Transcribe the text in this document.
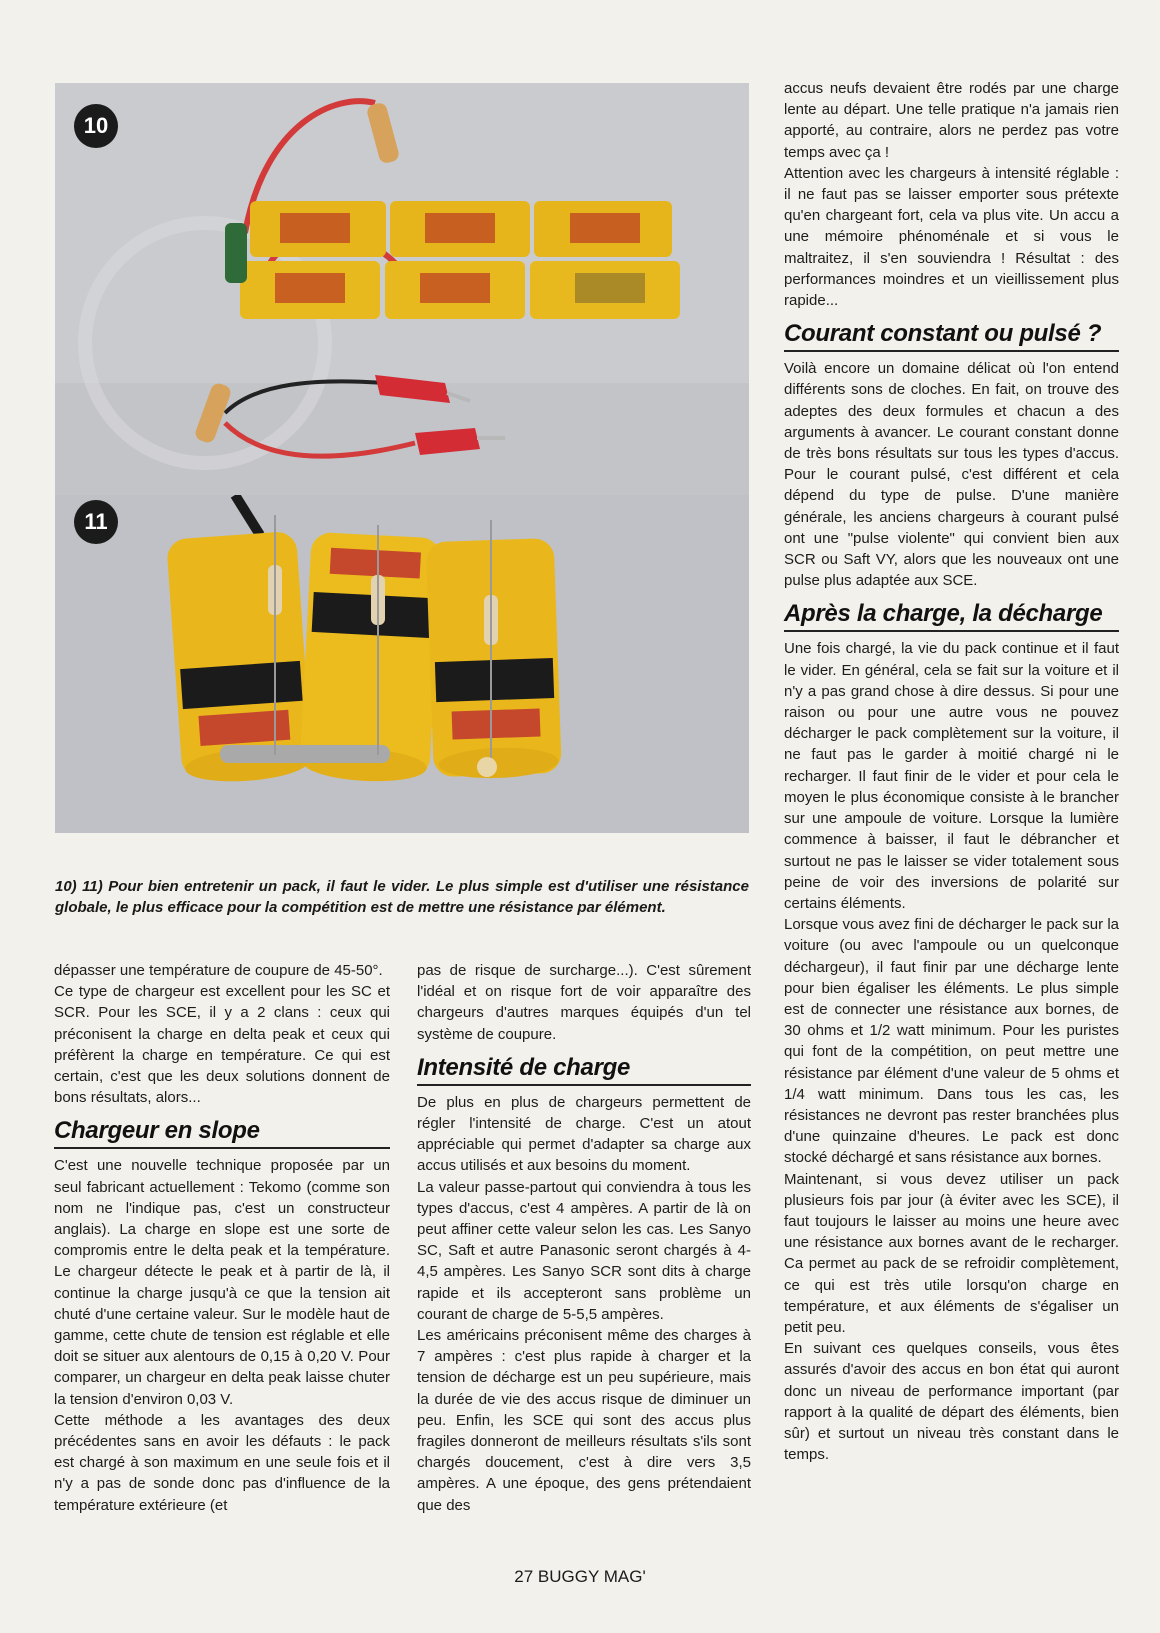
10
11
10) 11) Pour bien entretenir un pack, il faut le vider. Le plus simple est d'utiliser une résistance globale, le plus efficace pour la compétition est de mettre une résistance par élément.

dépasser une température de coupure de 45-50°.

Ce type de chargeur est excellent pour les SC et SCR. Pour les SCE, il y a 2 clans : ceux qui préconisent la charge en delta peak et ceux qui préfèrent la charge en température. Ce qui est certain, c'est que les deux solutions donnent de bons résultats, alors...

Chargeur en slope

C'est une nouvelle technique proposée par un seul fabricant actuellement : Tekomo (comme son nom ne l'indique pas, c'est un constructeur anglais). La charge en slope est une sorte de compromis entre le delta peak et la température. Le chargeur détecte le peak et à partir de là, il continue la charge jusqu'à ce que la tension ait chuté d'une certaine valeur. Sur le modèle haut de gamme, cette chute de tension est réglable et elle doit se situer aux alentours de 0,15 à 0,20 V. Pour comparer, un chargeur en delta peak laisse chuter la tension d'environ 0,03 V.

Cette méthode a les avantages des deux précédentes sans en avoir les défauts : le pack est chargé à son maximum en une seule fois et il n'y a pas de sonde donc pas d'influence de la température extérieure (et

pas de risque de surcharge...). C'est sûrement l'idéal et on risque fort de voir apparaître des chargeurs d'autres marques équipés d'un tel système de coupure.

Intensité de charge

De plus en plus de chargeurs permettent de régler l'intensité de charge. C'est un atout appréciable qui permet d'adapter sa charge aux accus utilisés et aux besoins du moment.

La valeur passe-partout qui conviendra à tous les types d'accus, c'est 4 ampères. A partir de là on peut affiner cette valeur selon les cas. Les Sanyo SC, Saft et autre Panasonic seront chargés à 4-4,5 ampères. Les Sanyo SCR sont dits à charge rapide et ils accepteront sans problème un courant de charge de 5-5,5 ampères.

Les américains préconisent même des charges à 7 ampères : c'est plus rapide à charger et la tension de décharge est un peu supérieure, mais la durée de vie des accus risque de diminuer un peu. Enfin, les SCE qui sont des accus plus fragiles donneront de meilleurs résultats s'ils sont chargés doucement, c'est à dire vers 3,5 ampères. A une époque, des gens prétendaient que des

accus neufs devaient être rodés par une charge lente au départ. Une telle pratique n'a jamais rien apporté, au contraire, alors ne perdez pas votre temps avec ça !

Attention avec les chargeurs à intensité réglable : il ne faut pas se laisser emporter sous prétexte qu'en chargeant fort, cela va plus vite. Un accu a une mémoire phénoménale et si vous le maltraitez, il s'en souviendra ! Résultat : des performances moindres et un vieillissement plus rapide...

Courant constant ou pulsé ?

Voilà encore un domaine délicat où l'on entend différents sons de cloches. En fait, on trouve des adeptes des deux formules et chacun a des arguments à avancer. Le courant constant donne de très bons résultats sur tous les types d'accus. Pour le courant pulsé, c'est différent et cela dépend du type de pulse. D'une manière générale, les anciens chargeurs à courant pulsé ont une "pulse violente" qui convient bien aux SCR ou Saft VY, alors que les nouveaux ont une pulse plus adaptée aux SCE.

Après la charge, la décharge

Une fois chargé, la vie du pack continue et il faut le vider. En général, cela se fait sur la voiture et il n'y a pas grand chose à dire dessus. Si pour une raison ou pour une autre vous ne pouvez décharger le pack complètement sur la voiture, il ne faut pas le garder à moitié chargé ni le recharger. Il faut finir de le vider et pour cela le moyen le plus économique consiste à le brancher sur une ampoule de voiture. Lorsque la lumière commence à baisser, il faut le débrancher et surtout ne pas le laisser se vider totalement sous peine de voir des inversions de polarité sur certains éléments.

Lorsque vous avez fini de décharger le pack sur la voiture (ou avec l'ampoule ou un quelconque déchargeur), il faut finir par une décharge lente pour bien égaliser les éléments. Le plus simple est de connecter une résistance aux bornes, de 30 ohms et 1/2 watt minimum. Pour les puristes qui font de la compétition, on peut mettre une résistance par élément d'une valeur de 5 ohms et 1/4 watt minimum. Dans tous les cas, les résistances ne devront pas rester branchées plus d'une quinzaine d'heures. Le pack est donc stocké déchargé et sans résistance aux bornes.

Maintenant, si vous devez utiliser un pack plusieurs fois par jour (à éviter avec les SCE), il faut toujours le laisser au moins une heure avec une résistance aux bornes avant de le recharger. Ca permet au pack de se refroidir complètement, ce qui est très utile lorsqu'on charge en température, et aux éléments de s'égaliser un petit peu.

En suivant ces quelques conseils, vous êtes assurés d'avoir des accus en bon état qui auront donc un niveau de performance important (par rapport à la qualité de départ des éléments, bien sûr) et surtout un niveau très constant dans le temps.

27 BUGGY MAG'
